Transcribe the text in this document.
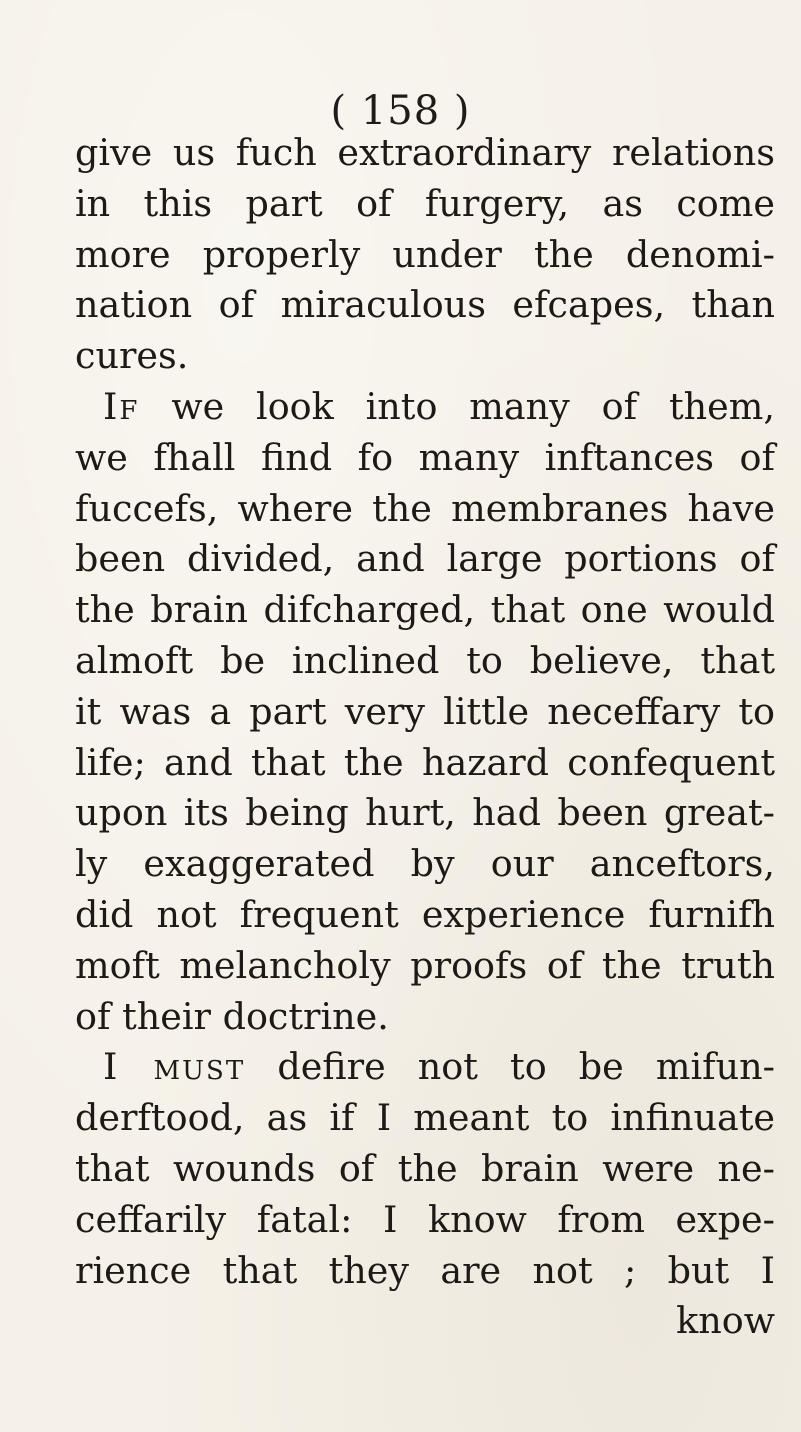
( 158 )
give us fuch extraordinary relations
in this part of furgery, as come
more properly under the denomi-
nation of miraculous efcapes, than
cures.
If we look into many of them,
we fhall find fo many inftances of
fuccefs, where the membranes have
been divided, and large portions of
the brain difcharged, that one would
almoft be inclined to believe, that
it was a part very little neceffary to
life; and that the hazard confequent
upon its being hurt, had been great-
ly exaggerated by our anceftors,
did not frequent experience furnifh
moft melancholy proofs of the truth
of their doctrine.
I must defire not to be mifun-
derftood, as if I meant to infinuate
that wounds of the brain were ne-
ceffarily fatal: I know from expe-
rience that they are not ; but I
know
